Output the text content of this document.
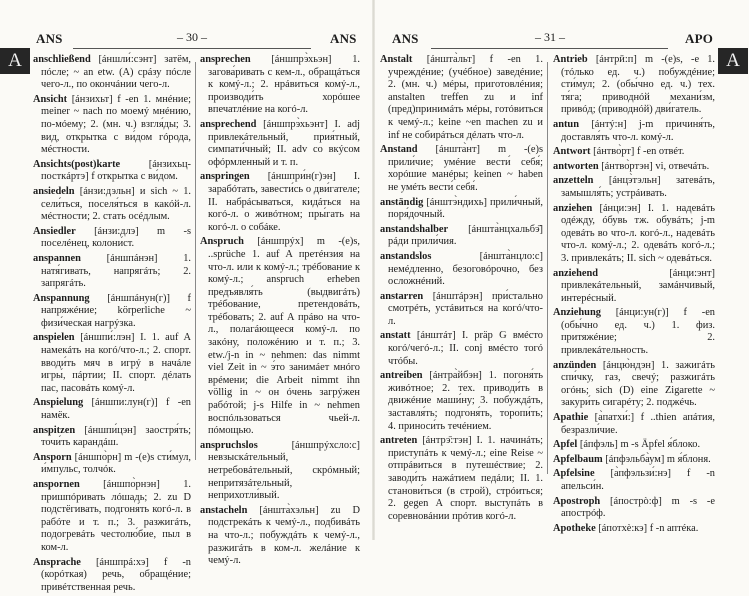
ANS	– 30 –	ANS
A	anschließend [áншли́:сэнт] затём, пóсле; ~ an etw. (A) срáзу пóсле чего-л., по окончáнии чего-л.
Ansicht [áнзихьт] f -en 1. мнéние; meiner ~ nach по моемý мнéнию, по-мóему; 2. (мн. ч.) взгля́ды; 3. вид, открытка с ви́дом гóрода, мéстности.
Ansichts(post)karte	[áнзихьц-посткáртэ] f открытка с ви́дом.
ansiedeln [áнзи:дэльн] и sich ~ 1. сели́ться, поселя́ться в какóй-л. мéстности; 2. стать осéдлым.
Ansiedler [áнзи:длэ] m -s поселéнец, колони́ст.
anspannen [áншпáнэн] 1. натя́гивать, напрягáть; 2. запрягáть.
Anspannung [áншпáнун(г)] f напряжéние; körperliche ~ физи́ческая нагрýзка.
anspielen [áншпи́:лэн] I. 1. auf A намекáть на когó/что-л.; 2. спорт. вводи́ть мяч в игрý в начáле игры́, пáртии; II. спорт. дéлать пас, пасовáть комý-л.
Anspielung [áншпи:лун(г)] f -en намёк.
anspitzen [áншпи́цэн] заостря́ть; точи́ть карандáш.
Ansporn [áншпо̀рн] m -(e)s сти́мул, и́мпульс, толчóк.
anspornen [áншпо̀рнэн] 1. пришпóривать лóшадь; 2. zu D подстёгивать, подгоня́ть когó-л. в рабóте и т. п.; 3. разжигáть, подогревáть честолю́бие, пыл в ком-л.
Ansprache [áншпрá:хэ] f -n (корóткая) речь, обращéние; привéтственная речь.
ansprechen [áншпрэ̀хьэн] 1. загова́ривать с кем-л., обращáться к комý-л.; 2. нрáвиться комý-л., производи́ть хорóшее впечатлéние на когó-л.
ansprechend [áншпрэ̀хьэнт] I. adj привлекáтельный, прия́тный, симпати́чный; II. adv со вкýсом офóрмленный и т. п.
anspringen [áншпри́н(г)эн] I. зарабóтать, завести́сь о дви́гателе; II. набрáсываться, кидáться на когó-л. о живóтном; пры́гать на когó-л. о собáке.
Anspruch [áншпрýх] m -(e)s, ..sprüche 1. auf A претéнзия на что-л. или к комý-л.; трéбование к комý-л.; anspruch erheben предъявля́ть (выдвигáть) трéбование, претендовáть, трéбовать; 2. auf A прáво на что-л., полагáющееся комý-л. по закóну, положéнию и т. п.; 3. etw./j-n in ~ nehmen: das nimmt viel Zeit in ~ э́то занимáет мнóго врéмени; die Arbeit nimmt ihn völlig in ~ он óчень загрýжен рабóтой; j-s Hilfe in ~ nehmen воспóльзоваться чьей-л. пóмощью.
anspruchslos	[áншпрýхсло:с] невзыскáтельный, нетребовáтельный, скрóмный; непритязáтельный, неприхотли́вый.
anstacheln [áншта̀хэльн] zu D подстрекáть к чемý-л., подбивáть на что-л.; побуждáть к чемý-л., разжигáть в ком-л. желáние к чемý-л.
ANS	– 31 –	APO
A
Anstalt [áншта̀льт] f -en 1. учреждéние; (учéбное) заведéние; 2. (мн. ч.) мéры, приготовлéния; anstalten treffen zu и inf (пред)принимáть мéры, готóвиться к чемý-л.; keine ~en machen zu и inf не собирáться дéлать что-л.
Anstand [áншта̀нт] m -(e)s прили́чие; умéние вести́ себя́; хорóшие манéры; keinen ~ haben не умéть вести́ себя́.
anständig [áнштэ̀ндихь] прили́чный, поря́дочный.
anstandshalber [áншта̀нцхальбэ̄] рáди прили́чия.
anstandslos	[áншта̀нцло:с] немéдленно, безоговóрочно, без осложнéний.
anstarren [áнштáрэн] при́стально смотрéть, устáвиться на когó/что-л.
anstatt [áнштáт] I. präp G вмéсто когó/чегó-л.; II. conj вмéсто тогó чтóбы.
antreiben [áнтра̀йбэн] 1. погоня́ть живóтное; 2. тех. приводи́ть в движéние маши́ну; 3. побуждáть, заставля́ть; подгоня́ть, торопи́ть; 4. приноси́ть течéнием.
antreten [áнтрэ̄:тэн] I. 1. начинáть; приступáть к чемý-л.; eine Reise ~ отпрáвиться в путешéствие; 2. заводи́ть нажáтием педáли; II. 1. станови́ться (в строй), стрóиться; 2. gegen A спорт. выступáть в соревновáнии прóтив когó-л.
Antrieb [áнтрӣ:п] m -(e)s, -e 1. (тóлько ед. ч.) побуждéние; сти́мул; 2. (обы́чно ед. ч.) тех. тя́га; приводнóй механи́зм, привóд; (приводнóй) дви́гатель.
antun [áнтý:н] j-m причиня́ть, доставля́ть что-л. комý-л.
Antwort [áнтво̀рт] f -en отвéт.
antworten [áнтво̀ртэн] vi, отвечáть.
anzetteln [áнцэ̀тэльн] затевáть, замышля́ть; устрáивать.
anziehen [áнци:эн] I. 1. надевáть одéжду, óбувь тж. обувáть; j-m одевáть во что-л. когó-л., надевáть что-л. комý-л.; 2. одевáть когó-л.; 3. привлекáть; II. sich ~ одевáться.
anziehend	[áнци:энт] привлекáтельный, замáнчивый, интерéсный.
Anziehung [áнци:ун(г)] f -en (обы́чно ед. ч.) 1. физ. притяжéние; 2. привлекáтельность.
anzünden [áнцю̀ндэн] 1. зажигáть спи́чку, газ, свечý; разжигáть огóнь; sich (D) eine Zigarette ~ закури́ть сигарéту; 2. поджéчь.
Apathie [а̀патхи́:] f ..thien апáтия, безразли́чие.
Apfel [áпфэль] m -s Äpfel я́блоко.
Apfelbaum [áпфэльба̀ум] m я́блоня.
Apfelsine [а̀пфэльзи́:нэ] f -n апельси́н.
Apostroph [áпострò:ф] m -s -e апострóф.
Apotheke [áпотхè:кэ] f -n аптéка.
